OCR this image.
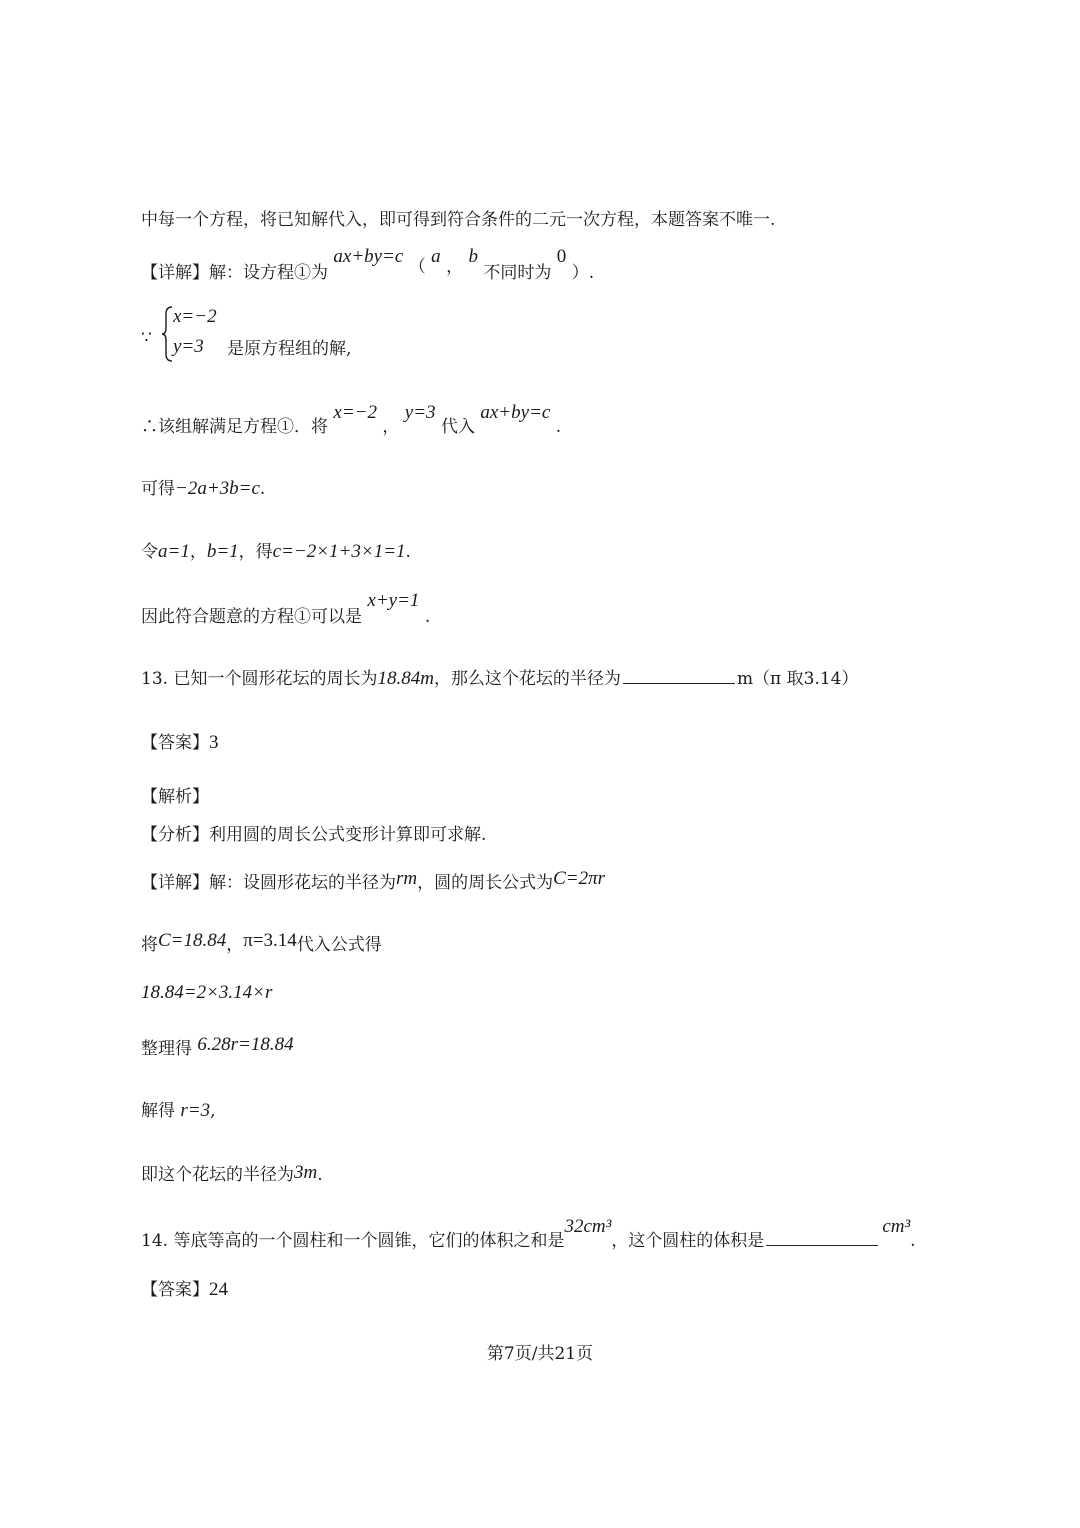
中每一个方程，将已知解代入，即可得到符合条件的二元一次方程，本题答案不唯一.
【详解】解：设方程①为 ax+by=c （ a ， b 不同时为 0 ）.
∵
x=−2
y=3 是原方程组的解,
∴该组解满足方程①．将 x=−2 ， y=3 代入 ax+by=c .
可得−2a+3b=c.
令a=1，b=1，得c=−2×1+3×1=1.
因此符合题意的方程①可以是 x+y=1 .
13. 已知一个圆形花坛的周长为18.84m，那么这个花坛的半径为	m（π 取3.14）
【答案】3
【解析】
【分析】利用圆的周长公式变形计算即可求解.
【详解】解：设圆形花坛的半径为rm，圆的周长公式为C=2πr
将C=18.84，π=3.14代入公式得
18.84=2×3.14×r
整理得 6.28r=18.84
解得 r=3,
即这个花坛的半径为3m.
14. 等底等高的一个圆柱和一个圆锥，它们的体积之和是32cm³，这个圆柱的体积是cm³.
【答案】24
第7页/共21页
